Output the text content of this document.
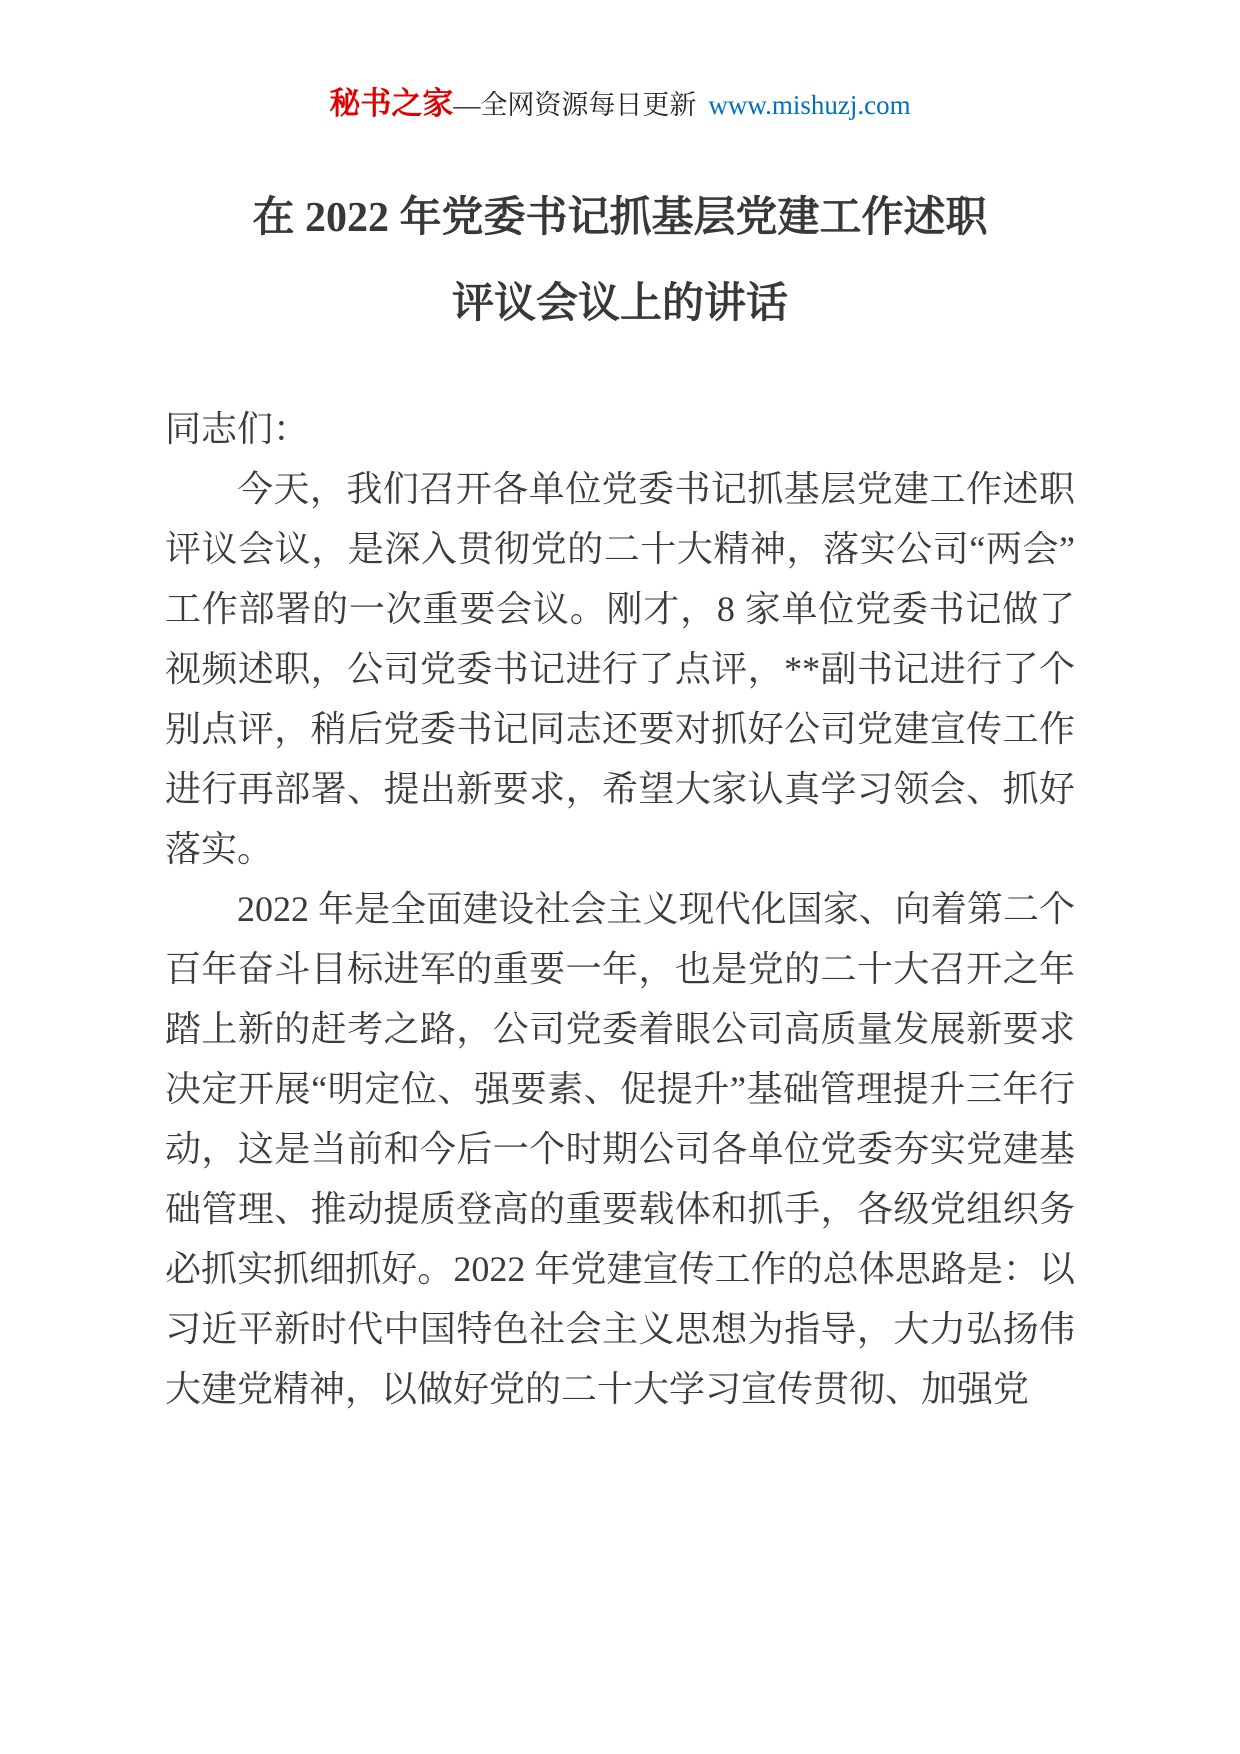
秘书之家—全网资源每日更新 www.mishuzj.com
在 2022 年党委书记抓基层党建工作述职
评议会议上的讲话

同志们：

今天，我们召开各单位党委书记抓基层党建工作述职评议会议，是深入贯彻党的二十大精神，落实公司“两会”工作部署的一次重要会议。刚才，8 家单位党委书记做了视频述职，公司党委书记进行了点评，**副书记进行了个别点评，稍后党委书记同志还要对抓好公司党建宣传工作进行再部署、提出新要求，希望大家认真学习领会、抓好落实。

2022 年是全面建设社会主义现代化国家、向着第二个百年奋斗目标进军的重要一年，也是党的二十大召开之年踏上新的赶考之路，公司党委着眼公司高质量发展新要求决定开展“明定位、强要素、促提升”基础管理提升三年行动，这是当前和今后一个时期公司各单位党委夯实党建基础管理、推动提质登高的重要载体和抓手，各级党组织务必抓实抓细抓好。2022 年党建宣传工作的总体思路是：以习近平新时代中国特色社会主义思想为指导，大力弘扬伟大建党精神，以做好党的二十大学习宣传贯彻、加强党
